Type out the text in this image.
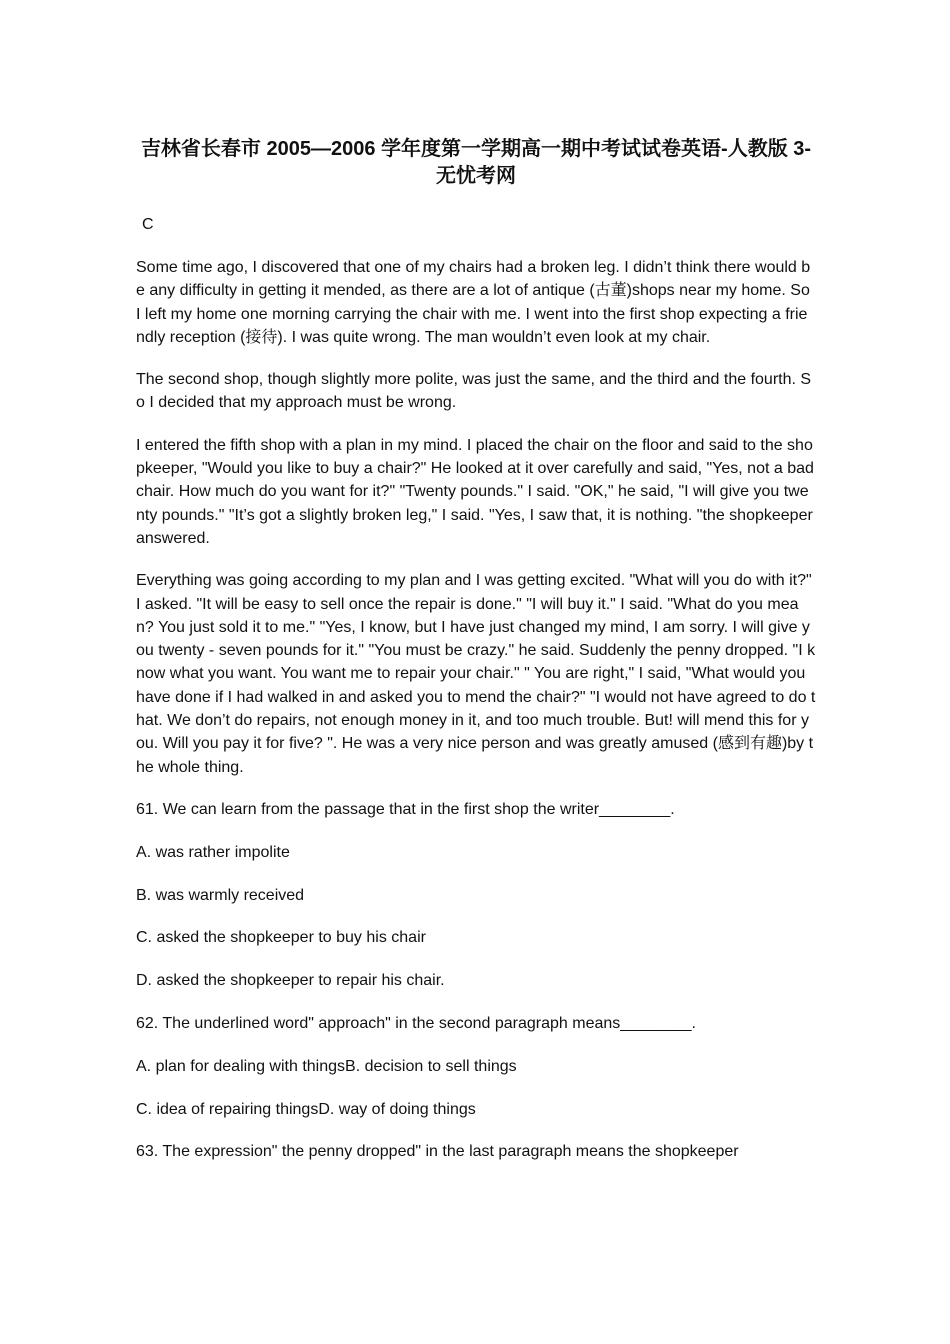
吉林省长春市 2005—2006 学年度第一学期高一期中考试试卷英语-人教版 3-无忧考网
C

Some time ago, I discovered that one of my chairs had a broken leg. I didn’t think there would be any difficulty in getting it mended, as there are a lot of antique (古董)shops near my home. So I left my home one morning carrying the chair with me. I went into the first shop expecting a friendly reception (接待). I was quite wrong. The man wouldn’t even look at my chair.

The second shop, though slightly more polite, was just the same, and the third and the fourth. So I decided that my approach must be wrong.

I entered the fifth shop with a plan in my mind. I placed the chair on the floor and said to the shopkeeper, "Would you like to buy a chair?" He looked at it over carefully and said, "Yes, not a bad chair. How much do you want for it?" "Twenty pounds." I said. "OK," he said, "I will give you twenty pounds." "It’s got a slightly broken leg," I said. "Yes, I saw that, it is nothing. "the shopkeeper answered.

Everything was going according to my plan and I was getting excited. "What will you do with it?" I asked. "It will be easy to sell once the repair is done." "I will buy it." I said. "What do you mean? You just sold it to me." "Yes, I know, but I have just changed my mind, I am sorry. I will give you twenty - seven pounds for it." "You must be crazy." he said. Suddenly the penny dropped. "I know what you want. You want me to repair your chair." " You are right," I said, "What would you have done if I had walked in and asked you to mend the chair?" "I would not have agreed to do that. We don’t do repairs, not enough money in it, and too much trouble. But! will mend this for you. Will you pay it for five? ". He was a very nice person and was greatly amused (感到有趣)by the whole thing.

61. We can learn from the passage that in the first shop the writer________.

A. was rather impolite

B. was warmly received

C. asked the shopkeeper to buy his chair

D. asked the shopkeeper to repair his chair.

62. The underlined word" approach" in the second paragraph means________.

A. plan for dealing with thingsB. decision to sell things

C. idea of repairing thingsD. way of doing things

63. The expression" the penny dropped" in the last paragraph means the shopkeeper
